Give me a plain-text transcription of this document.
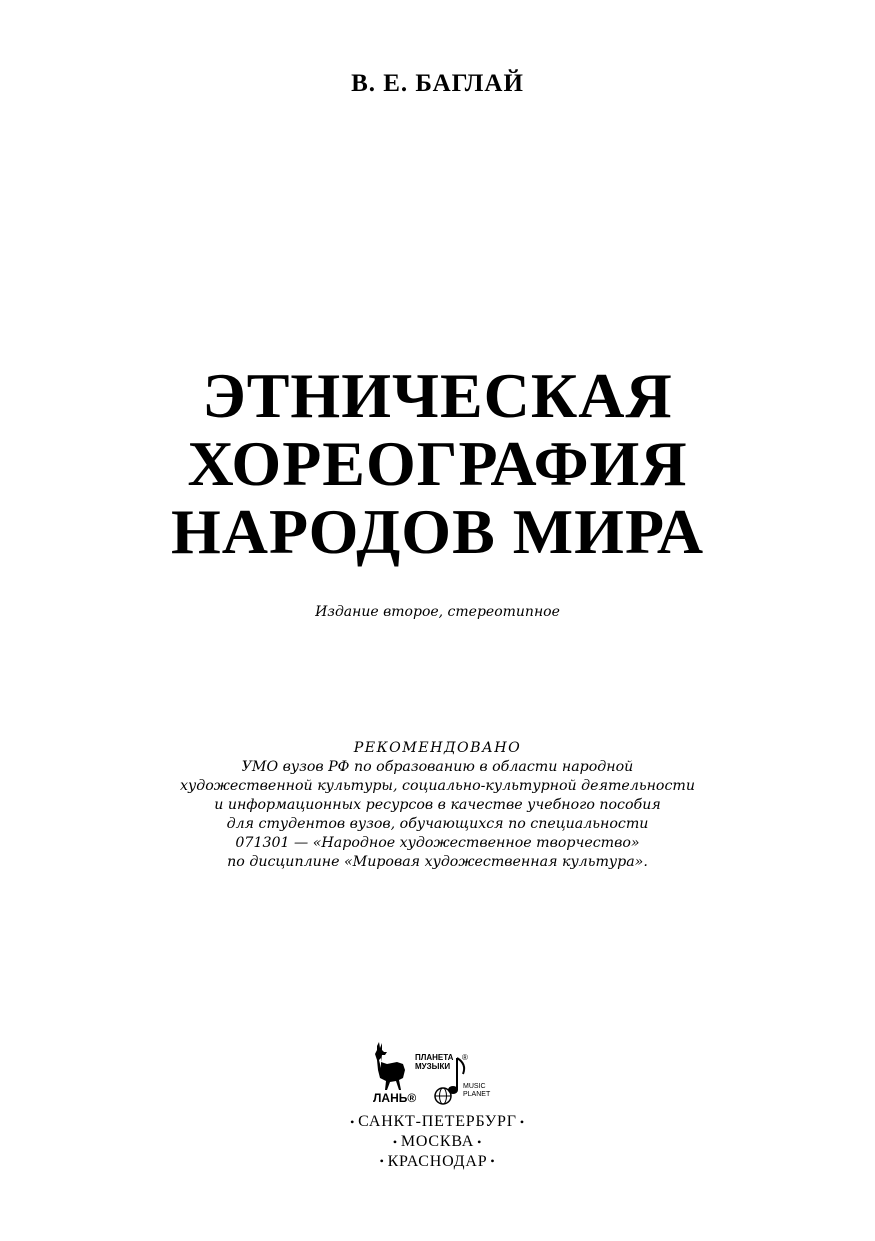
В. Е. БАГЛАЙ
ЭТНИЧЕСКАЯ
ХОРЕОГРАФИЯ
НАРОДОВ МИРА
Издание второе, стереотипное
РЕКОМЕНДОВАНО
УМО вузов РФ по образованию в области народной
художественной культуры, социально-культурной деятельности
и информационных ресурсов в качестве учебного пособия
для студентов вузов, обучающихся по специальности
071301 — «Народное художественное творчество»
по дисциплине «Мировая художественная культура».
ЛАНЬ®
ПЛАНЕТА
МУЗЫКИ
®
MUSIC
PLANET
• САНКТ-ПЕТЕРБУРГ •
• МОСКВА •
• КРАСНОДАР •
